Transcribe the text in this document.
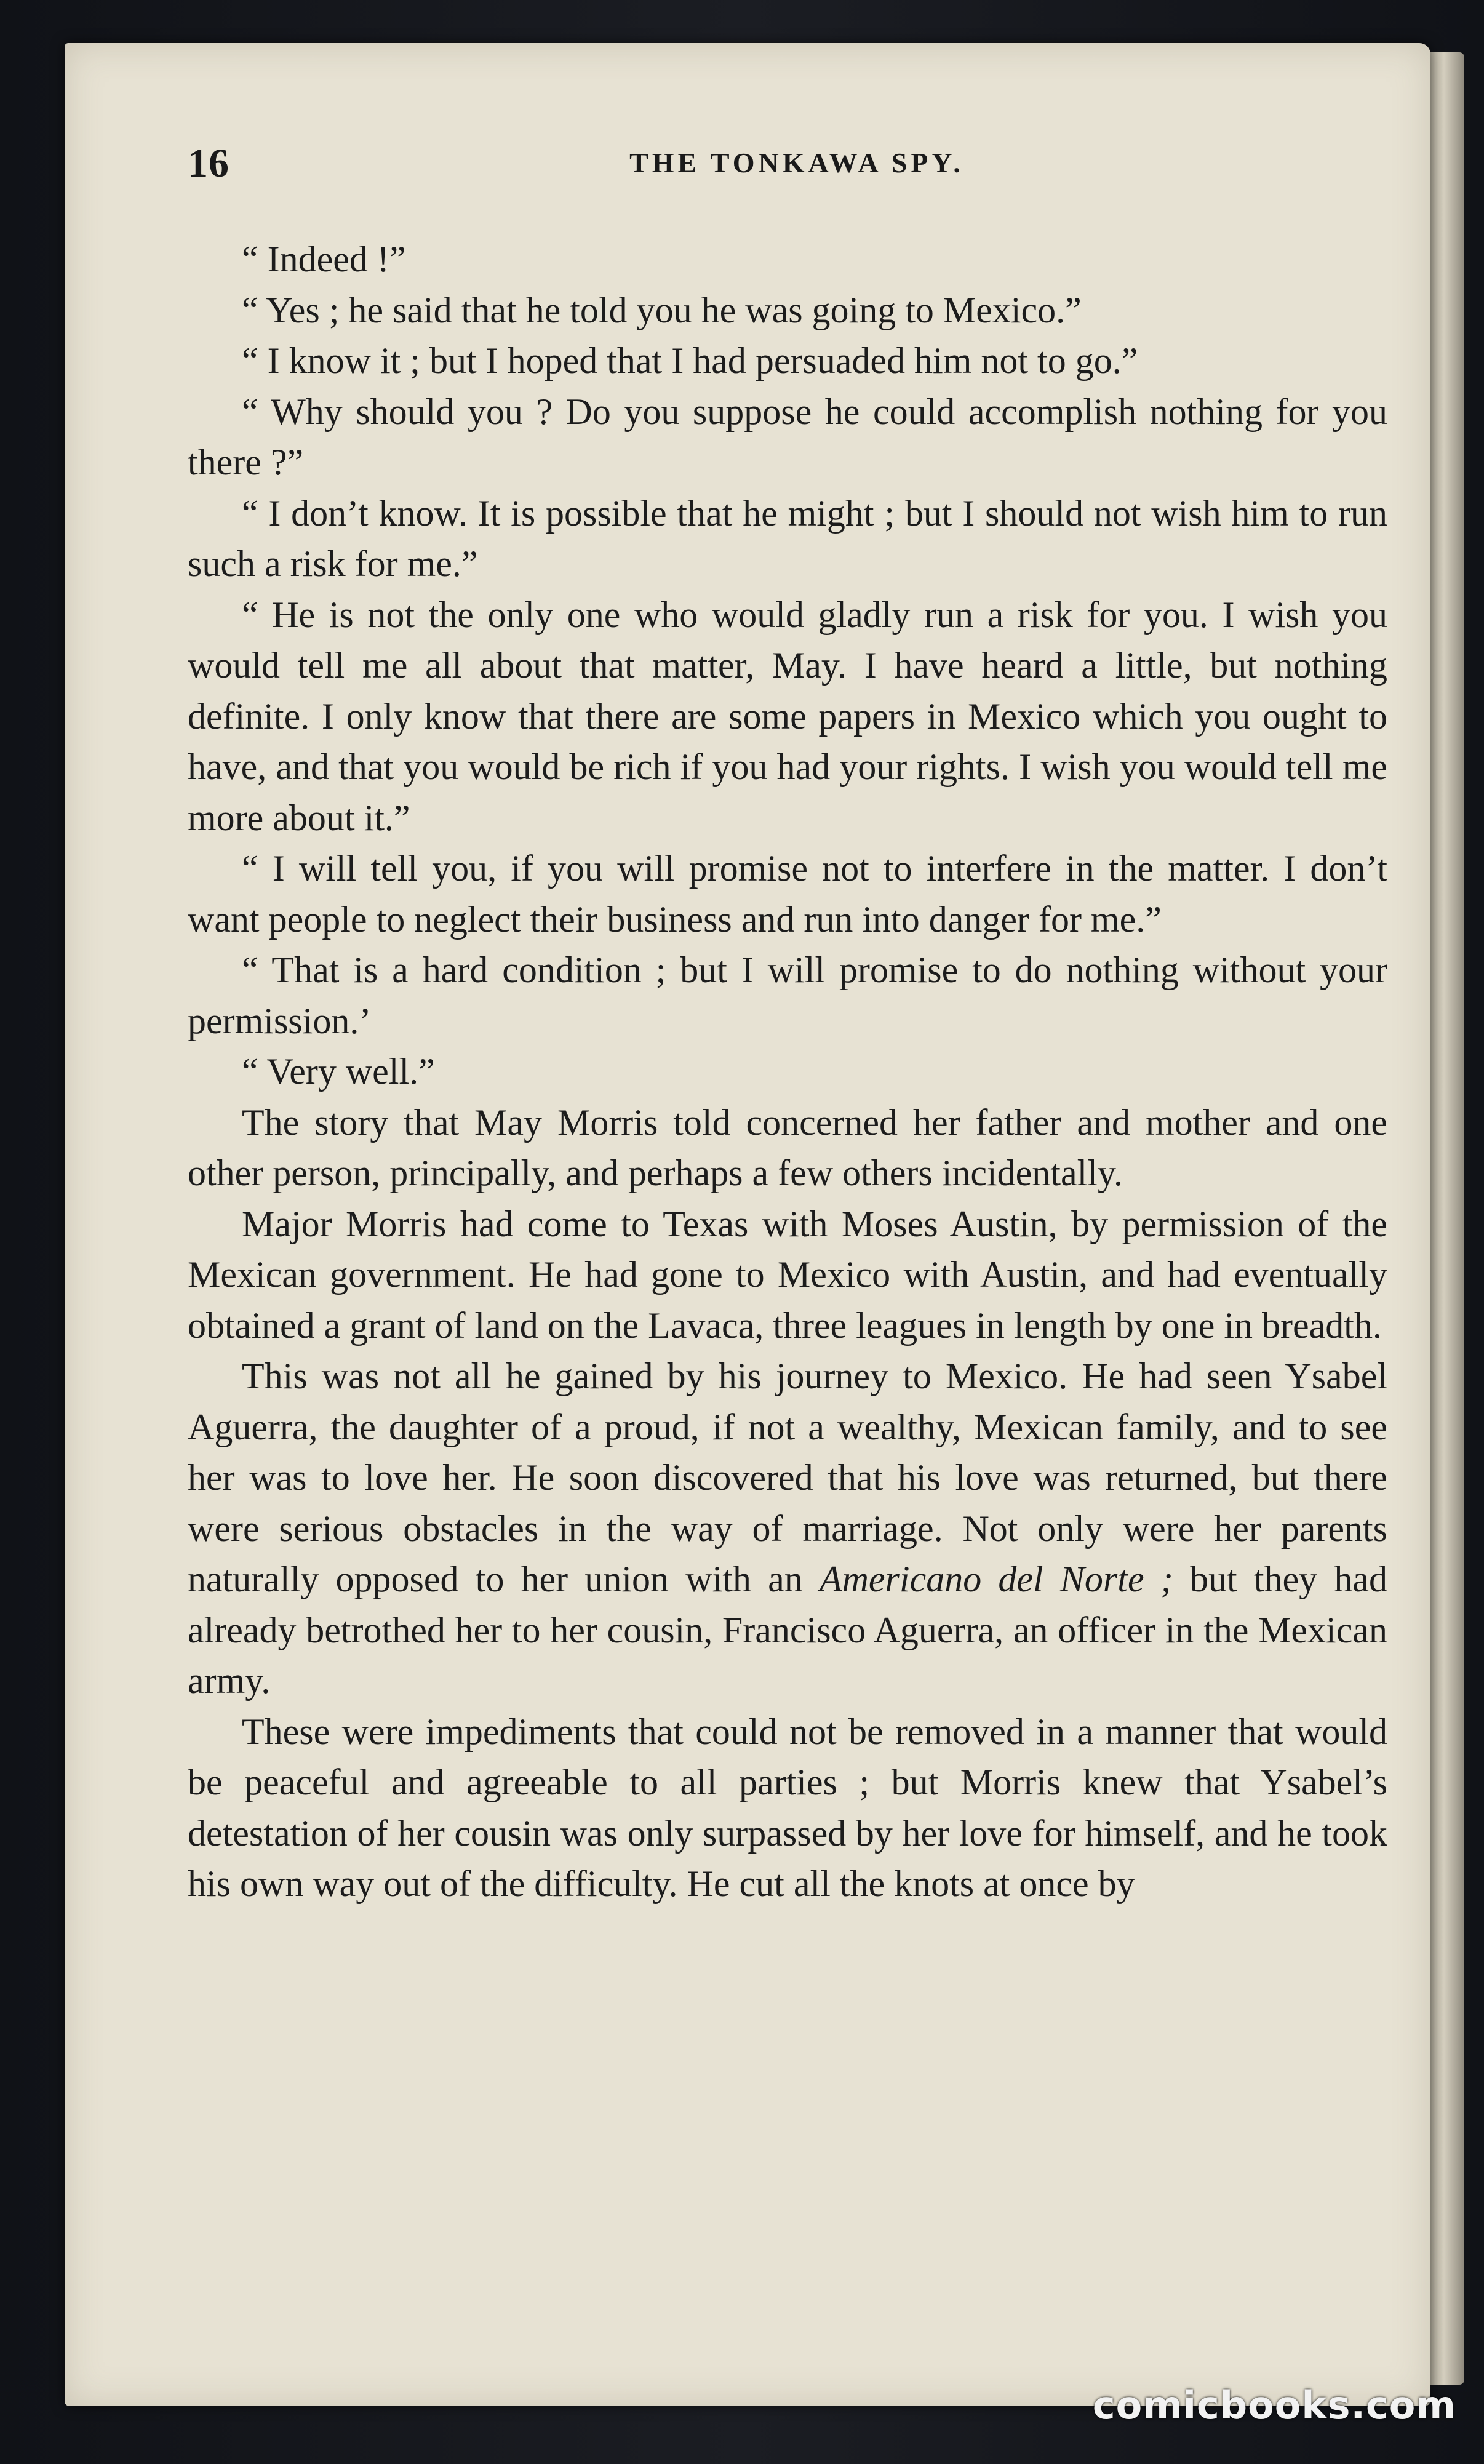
16	THE TONKAWA SPY.

“ Indeed !”

“ Yes ; he said that he told you he was going to Mexico.”

“ I know it ; but I hoped that I had persuaded him not to go.”

“ Why should you ? Do you suppose he could accomplish nothing for you there ?”

“ I don’t know. It is possible that he might ; but I should not wish him to run such a risk for me.”

“ He is not the only one who would gladly run a risk for you. I wish you would tell me all about that matter, May. I have heard a little, but nothing definite. I only know that there are some papers in Mexico which you ought to have, and that you would be rich if you had your rights. I wish you would tell me more about it.”

“ I will tell you, if you will promise not to interfere in the matter. I don’t want people to neglect their business and run into danger for me.”

“ That is a hard condition ; but I will promise to do nothing without your permission.’

“ Very well.”

The story that May Morris told concerned her father and mother and one other person, principally, and perhaps a few others incidentally.

Major Morris had come to Texas with Moses Austin, by permission of the Mexican government. He had gone to Mexico with Austin, and had eventually obtained a grant of land on the Lavaca, three leagues in length by one in breadth.

This was not all he gained by his journey to Mexico. He had seen Ysabel Aguerra, the daughter of a proud, if not a wealthy, Mexican family, and to see her was to love her. He soon discovered that his love was returned, but there were serious obstacles in the way of marriage. Not only were her parents naturally opposed to her union with an Americano del Norte ; but they had already betrothed her to her cousin, Francisco Aguerra, an officer in the Mexican army.

These were impediments that could not be removed in a manner that would be peaceful and agreeable to all parties ; but Morris knew that Ysabel’s detestation of her cousin was only surpassed by her love for himself, and he took his own way out of the difficulty. He cut all the knots at once by

comicbooks.com
